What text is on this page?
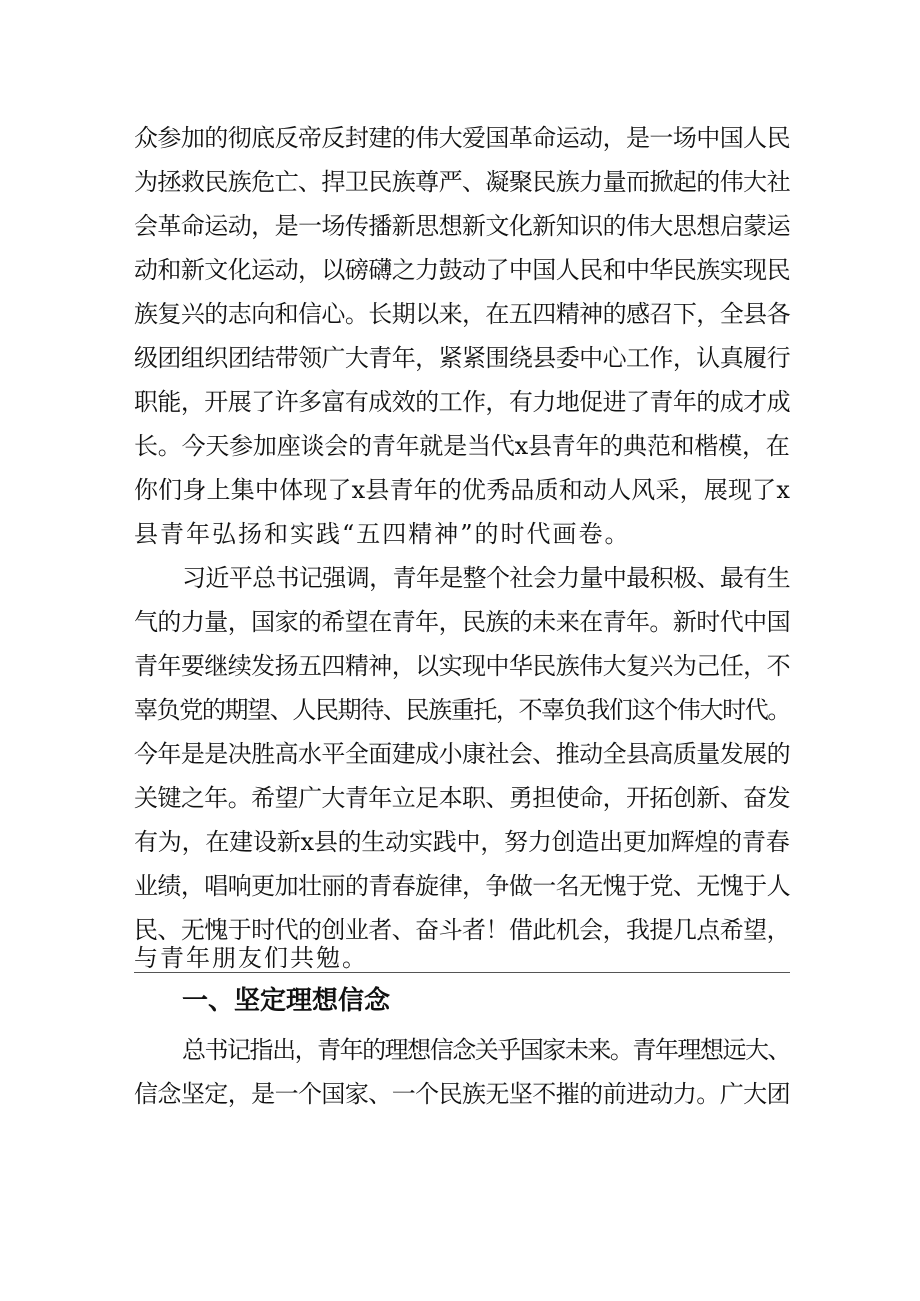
众参加的彻底反帝反封建的伟大爱国革命运动，是一场中国人民
为拯救民族危亡、捍卫民族尊严、凝聚民族力量而掀起的伟大社
会革命运动，是一场传播新思想新文化新知识的伟大思想启蒙运
动和新文化运动，以磅礴之力鼓动了中国人民和中华民族实现民
族复兴的志向和信心。长期以来，在五四精神的感召下，全县各
级团组织团结带领广大青年，紧紧围绕县委中心工作，认真履行
职能，开展了许多富有成效的工作，有力地促进了青年的成才成
长。今天参加座谈会的青年就是当代x县青年的典范和楷模，在
你们身上集中体现了x县青年的优秀品质和动人风采，展现了x
县青年弘扬和实践“五四精神”的时代画卷。
习近平总书记强调，青年是整个社会力量中最积极、最有生
气的力量，国家的希望在青年，民族的未来在青年。新时代中国
青年要继续发扬五四精神，以实现中华民族伟大复兴为己任，不
辜负党的期望、人民期待、民族重托，不辜负我们这个伟大时代。
今年是是决胜高水平全面建成小康社会、推动全县高质量发展的
关键之年。希望广大青年立足本职、勇担使命，开拓创新、奋发
有为，在建设新x县的生动实践中，努力创造出更加辉煌的青春
业绩，唱响更加壮丽的青春旋律，争做一名无愧于党、无愧于人
民、无愧于时代的创业者、奋斗者！借此机会，我提几点希望，
与青年朋友们共勉。
一、坚定理想信念
总书记指出，青年的理想信念关乎国家未来。青年理想远大、
信念坚定，是一个国家、一个民族无坚不摧的前进动力。广大团
